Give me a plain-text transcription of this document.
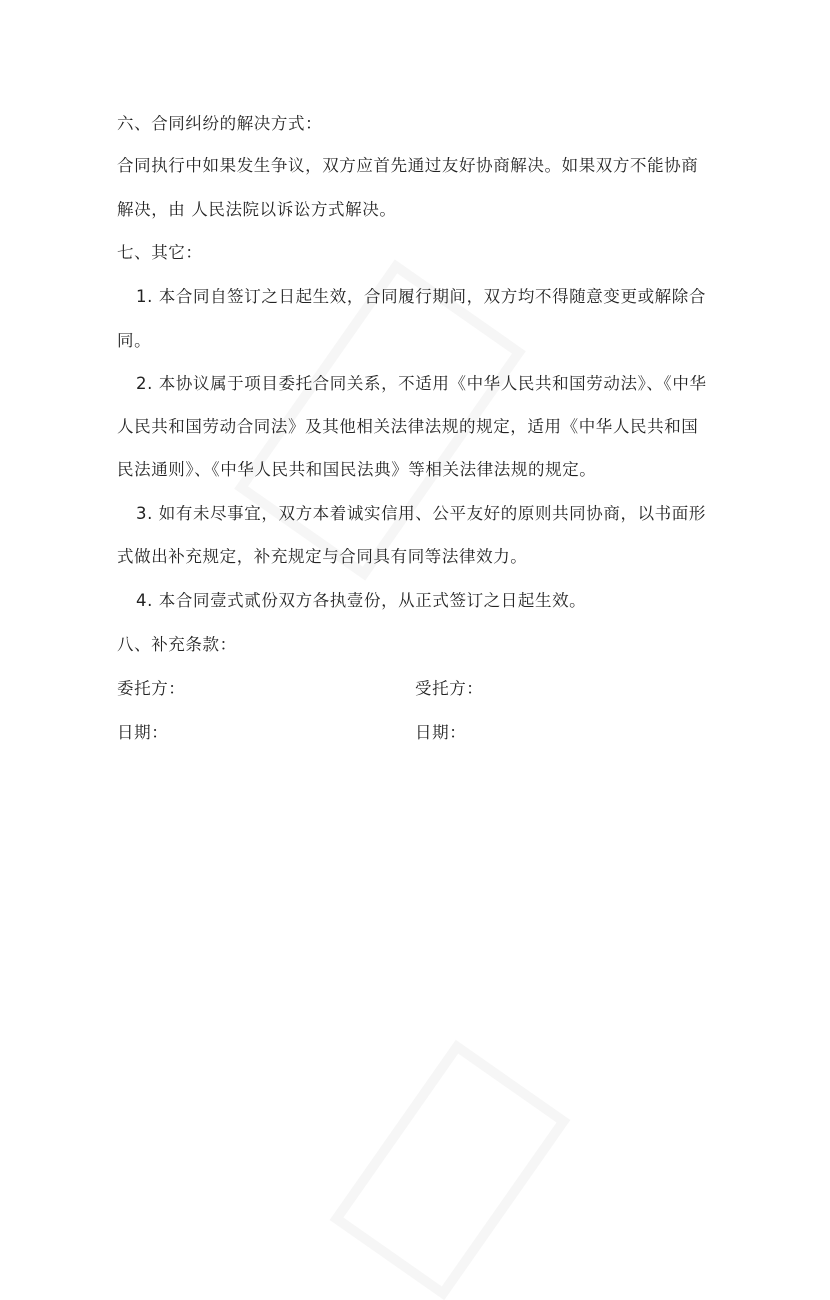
六、合同纠纷的解决方式：
合同执行中如果发生争议，双方应首先通过友好协商解决。如果双方不能协商
解决，由 人民法院以诉讼方式解决。
七、其它：
1. 本合同自签订之日起生效，合同履行期间，双方均不得随意变更或解除合
同。
2. 本协议属于项目委托合同关系，不适用《中华人民共和国劳动法》、《中华
人民共和国劳动合同法》及其他相关法律法规的规定，适用《中华人民共和国
民法通则》、《中华人民共和国民法典》等相关法律法规的规定。
3. 如有未尽事宜，双方本着诚实信用、公平友好的原则共同协商，以书面形
式做出补充规定，补充规定与合同具有同等法律效力。
4. 本合同壹式贰份双方各执壹份，从正式签订之日起生效。
八、补充条款：
委托方：	受托方：
日期：	日期：
